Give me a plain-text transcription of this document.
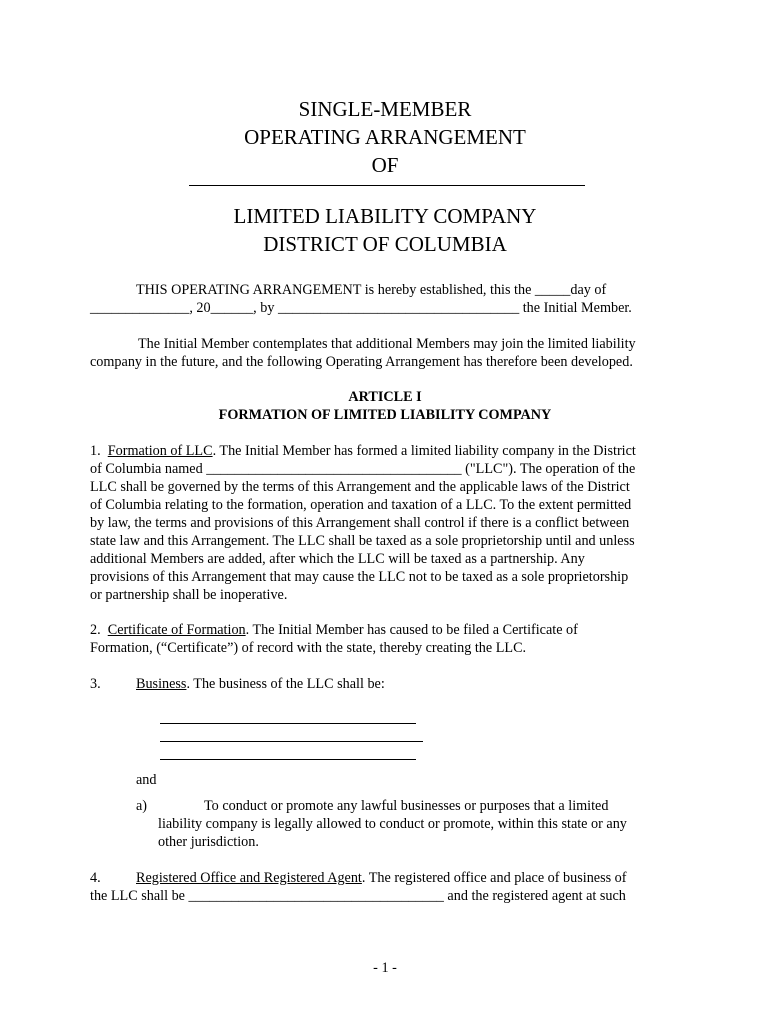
SINGLE-MEMBER
OPERATING ARRANGEMENT
OF
LIMITED LIABILITY COMPANY
DISTRICT OF COLUMBIA
THIS OPERATING ARRANGEMENT is hereby established, this the _____day of
______________, 20______, by __________________________________ the Initial Member.
The Initial Member contemplates that additional Members may join the limited liability
company in the future, and the following Operating Arrangement has therefore been developed.
ARTICLE I
FORMATION OF LIMITED LIABILITY COMPANY
1. Formation of LLC. The Initial Member has formed a limited liability company in the District
of Columbia named ____________________________________ ("LLC"). The operation of the
LLC shall be governed by the terms of this Arrangement and the applicable laws of the District
of Columbia relating to the formation, operation and taxation of a LLC. To the extent permitted
by law, the terms and provisions of this Arrangement shall control if there is a conflict between
state law and this Arrangement. The LLC shall be taxed as a sole proprietorship until and unless
additional Members are added, after which the LLC will be taxed as a partnership. Any
provisions of this Arrangement that may cause the LLC not to be taxed as a sole proprietorship
or partnership shall be inoperative.
2. Certificate of Formation. The Initial Member has caused to be filed a Certificate of
Formation, (“Certificate”) of record with the state, thereby creating the LLC.
3. Business. The business of the LLC shall be:
and
a)	To conduct or promote any lawful businesses or purposes that a limited
liability company is legally allowed to conduct or promote, within this state or any
other jurisdiction.
4. Registered Office and Registered Agent. The registered office and place of business of
the LLC shall be ____________________________________ and the registered agent at such
- 1 -
